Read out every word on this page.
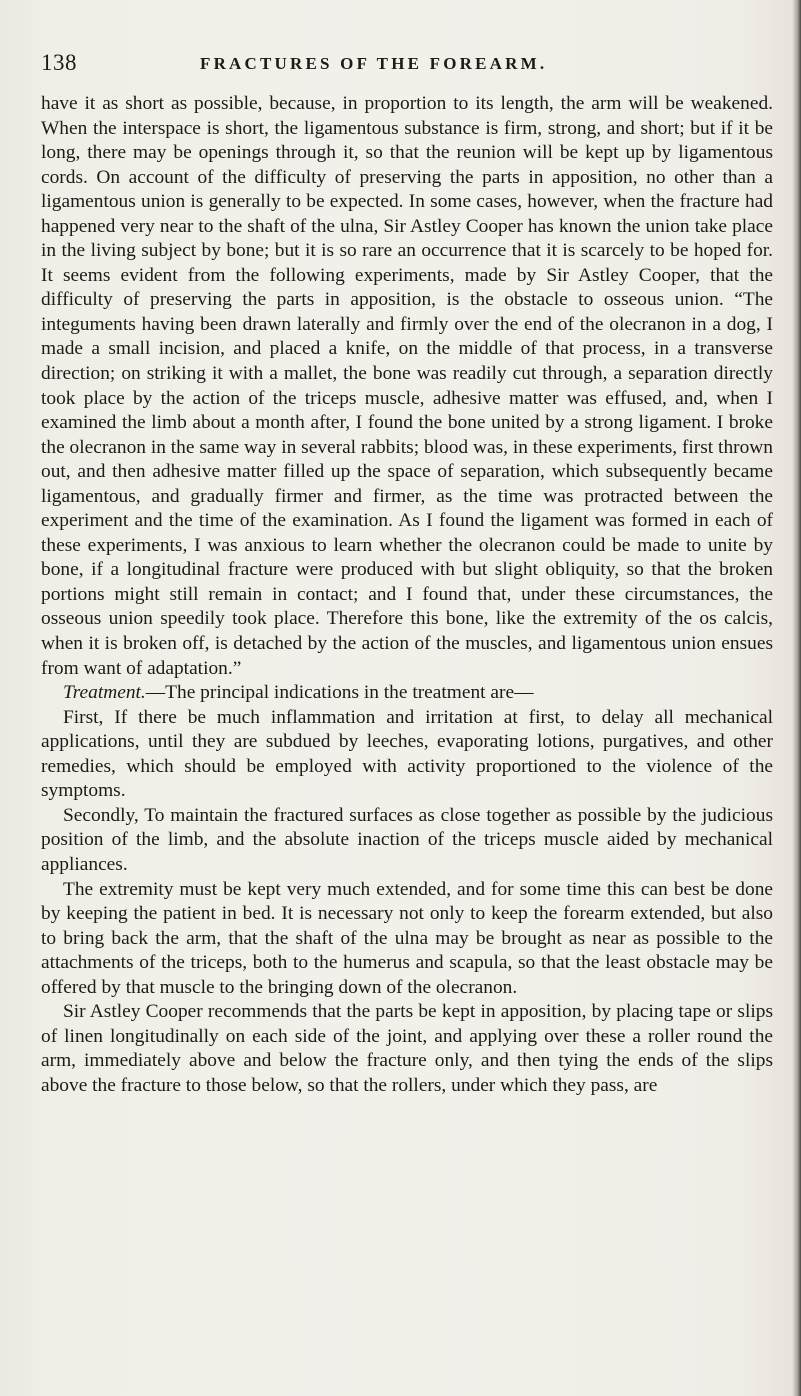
138	FRACTURES OF THE FOREARM.

have it as short as possible, because, in proportion to its length, the arm will be weakened. When the interspace is short, the ligamentous substance is firm, strong, and short; but if it be long, there may be openings through it, so that the reunion will be kept up by ligamentous cords. On account of the difficulty of preserving the parts in apposition, no other than a ligamentous union is generally to be expected. In some cases, however, when the fracture had happened very near to the shaft of the ulna, Sir Astley Cooper has known the union take place in the living subject by bone; but it is so rare an occurrence that it is scarcely to be hoped for. It seems evident from the following experiments, made by Sir Astley Cooper, that the difficulty of preserving the parts in apposition, is the obstacle to osseous union. “The integuments having been drawn laterally and firmly over the end of the olecranon in a dog, I made a small incision, and placed a knife, on the middle of that process, in a transverse direction; on striking it with a mallet, the bone was readily cut through, a separation directly took place by the action of the triceps muscle, adhesive matter was effused, and, when I examined the limb about a month after, I found the bone united by a strong ligament. I broke the olecranon in the same way in several rabbits; blood was, in these experiments, first thrown out, and then adhesive matter filled up the space of separation, which subsequently became ligamentous, and gradually firmer and firmer, as the time was protracted between the experiment and the time of the examination. As I found the ligament was formed in each of these experiments, I was anxious to learn whether the olecranon could be made to unite by bone, if a longitudinal fracture were produced with but slight obliquity, so that the broken portions might still remain in contact; and I found that, under these circumstances, the osseous union speedily took place. Therefore this bone, like the extremity of the os calcis, when it is broken off, is detached by the action of the muscles, and ligamentous union ensues from want of adaptation.”

Treatment.—The principal indications in the treatment are—

First, If there be much inflammation and irritation at first, to delay all mechanical applications, until they are subdued by leeches, evaporating lotions, purgatives, and other remedies, which should be employed with activity proportioned to the violence of the symptoms.

Secondly, To maintain the fractured surfaces as close together as possible by the judicious position of the limb, and the absolute inaction of the triceps muscle aided by mechanical appliances.

The extremity must be kept very much extended, and for some time this can best be done by keeping the patient in bed. It is necessary not only to keep the forearm extended, but also to bring back the arm, that the shaft of the ulna may be brought as near as possible to the attachments of the triceps, both to the humerus and scapula, so that the least obstacle may be offered by that muscle to the bringing down of the olecranon.

Sir Astley Cooper recommends that the parts be kept in apposition, by placing tape or slips of linen longitudinally on each side of the joint, and applying over these a roller round the arm, immediately above and below the fracture only, and then tying the ends of the slips above the fracture to those below, so that the rollers, under which they pass, are
